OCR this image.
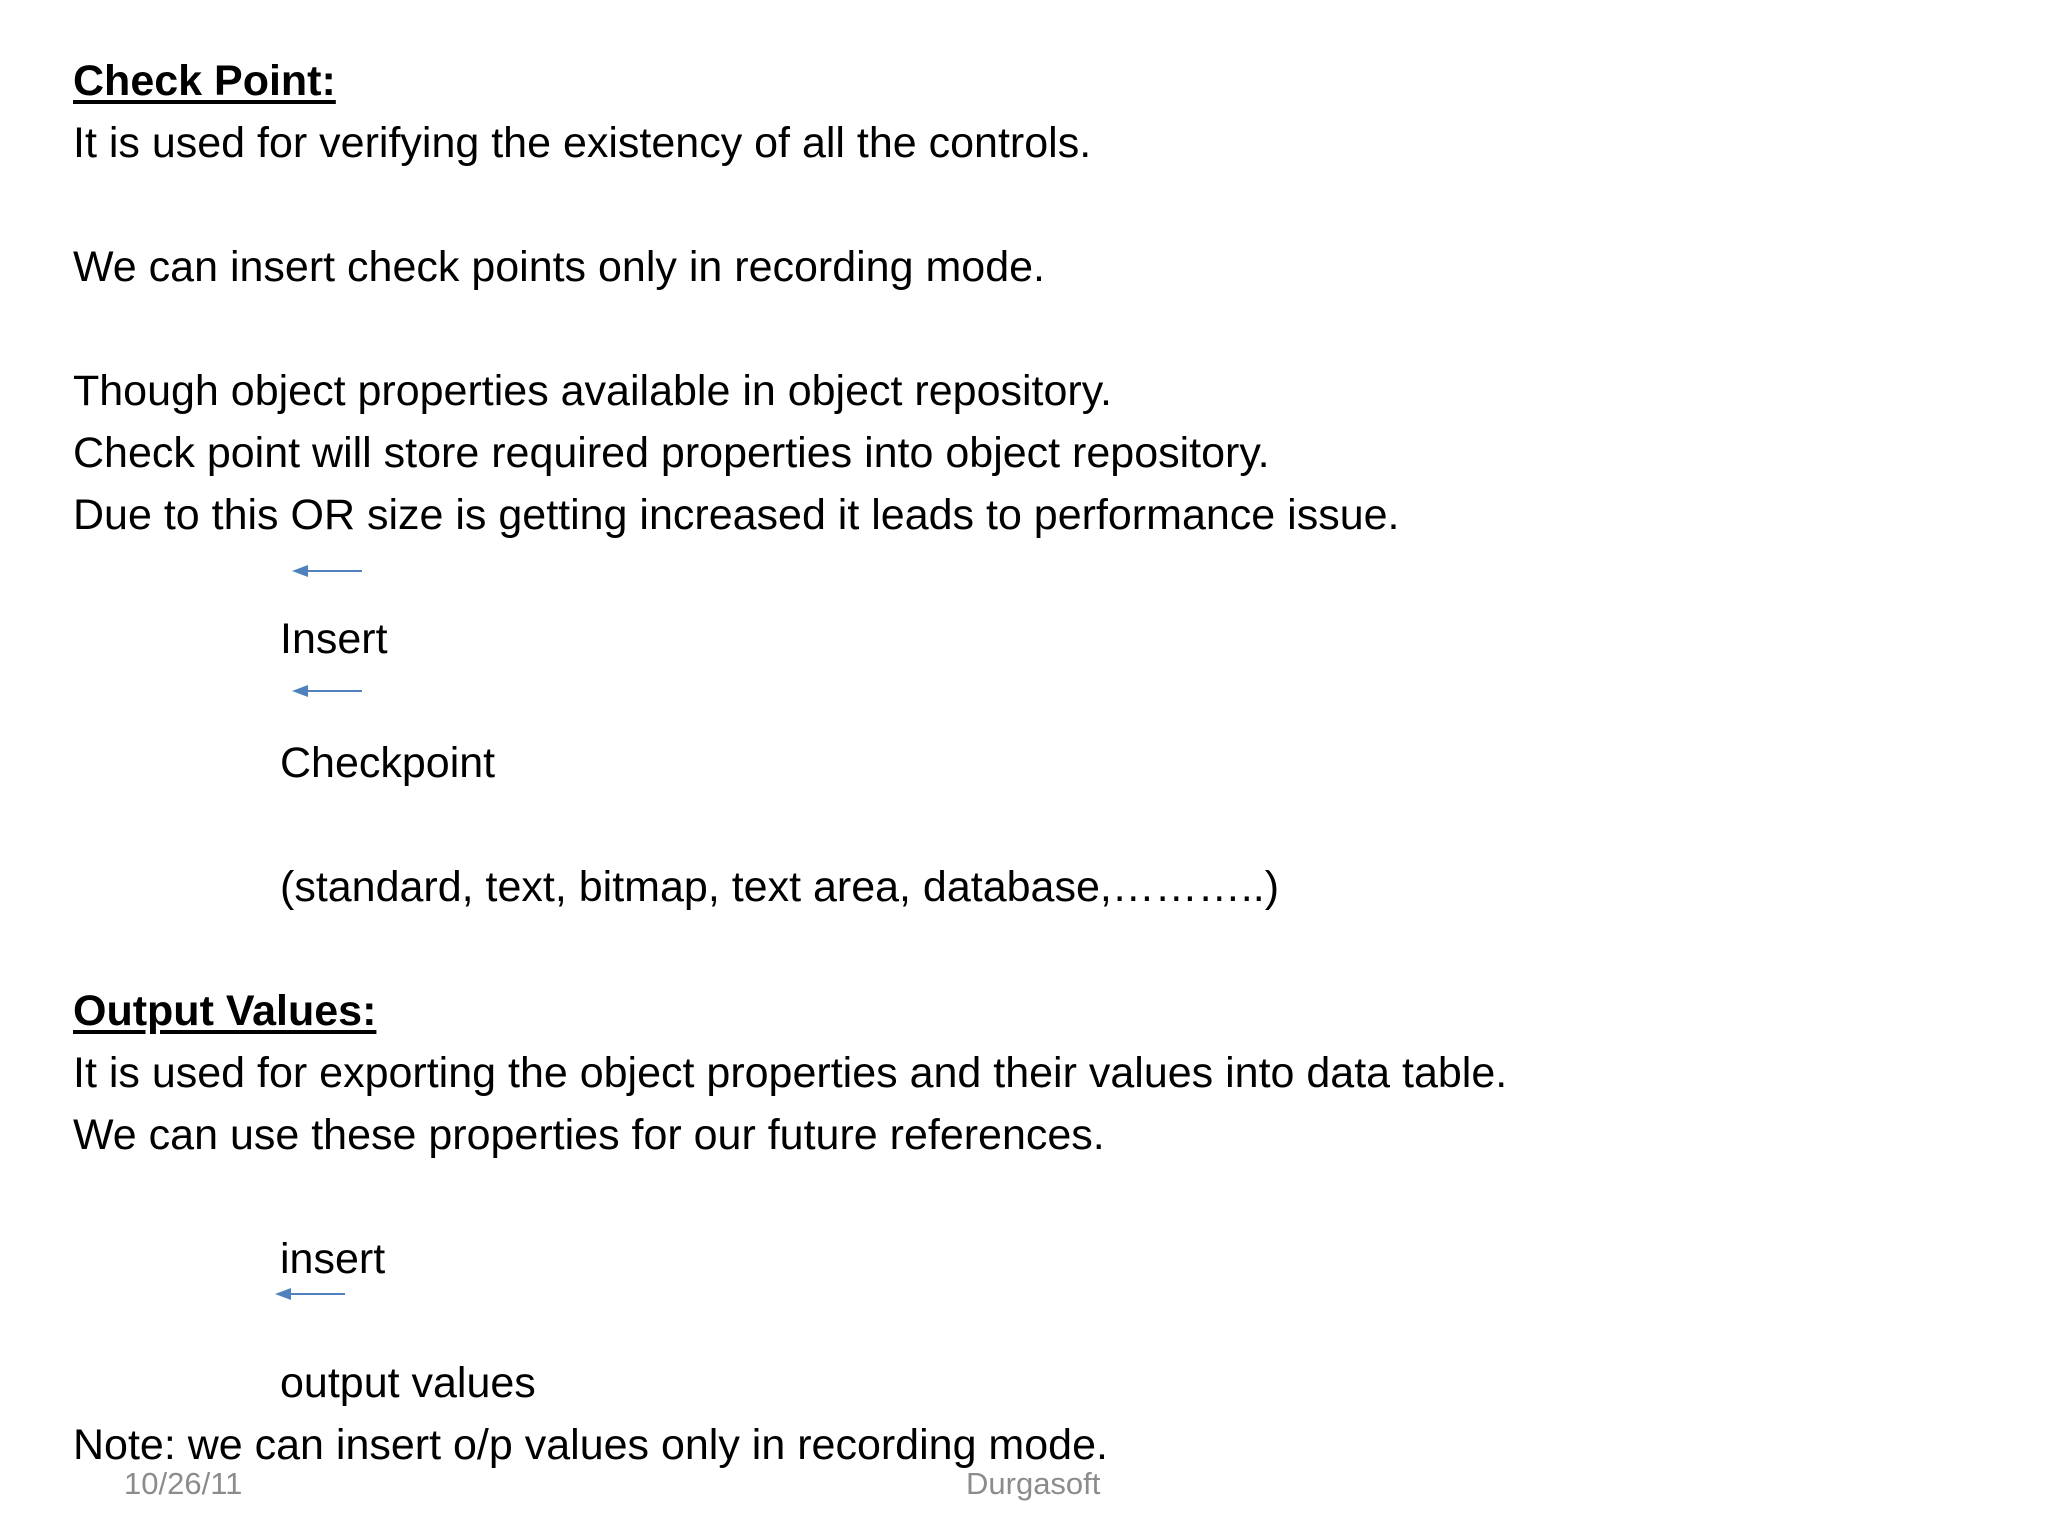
Check Point:
It is used for verifying the existency of all the controls.
We can insert check points only in recording mode.
Though object properties available in object repository.
Check point will store required properties into object repository.
Due to this OR size is getting increased it leads to performance issue.
Insert
Checkpoint
(standard, text, bitmap, text area, database,………..)
Output Values:
It is used for exporting the object properties and their values into data table.
We can use these properties for our future references.
insert
output values
Note: we can insert o/p values only in recording mode.
10/26/11	Durgasoft
